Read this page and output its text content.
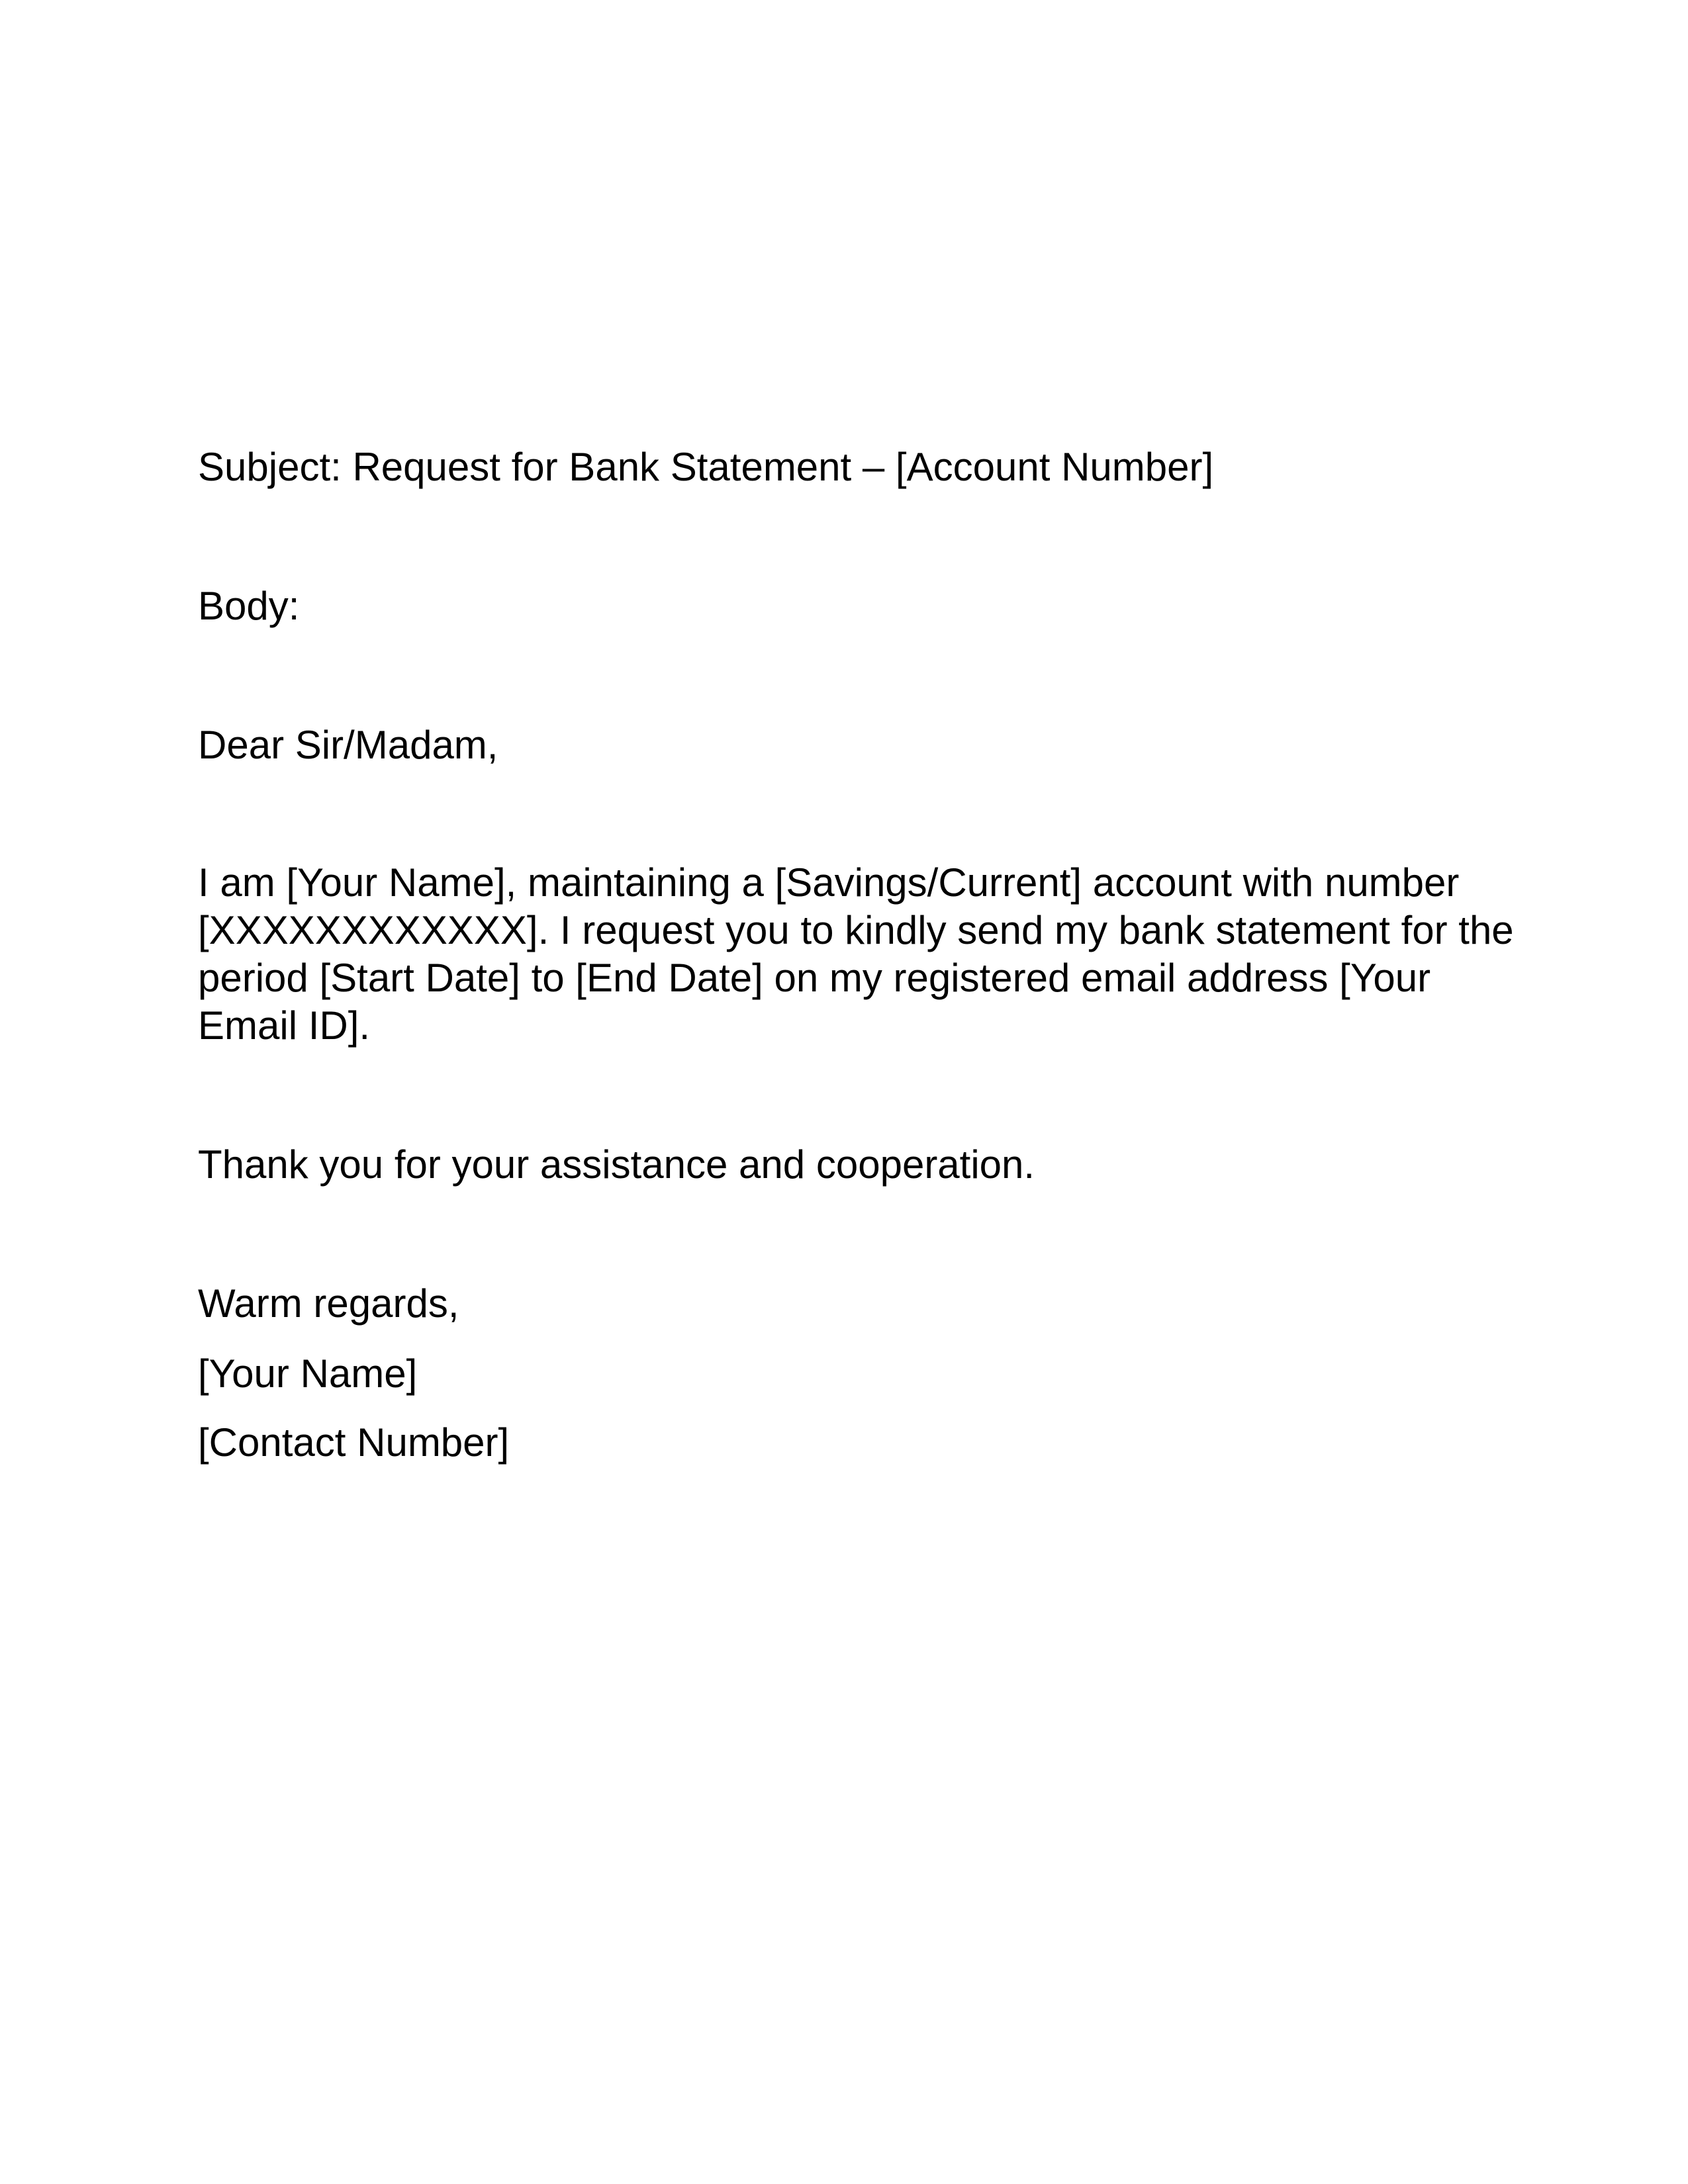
Subject: Request for Bank Statement – [Account Number]
Body:
Dear Sir/Madam,
I am [Your Name], maintaining a [Savings/Current] account with number
[XXXXXXXXXXXX]. I request you to kindly send my bank statement for the
period [Start Date] to [End Date] on my registered email address [Your
Email ID].
Thank you for your assistance and cooperation.
Warm regards,
[Your Name]
[Contact Number]
